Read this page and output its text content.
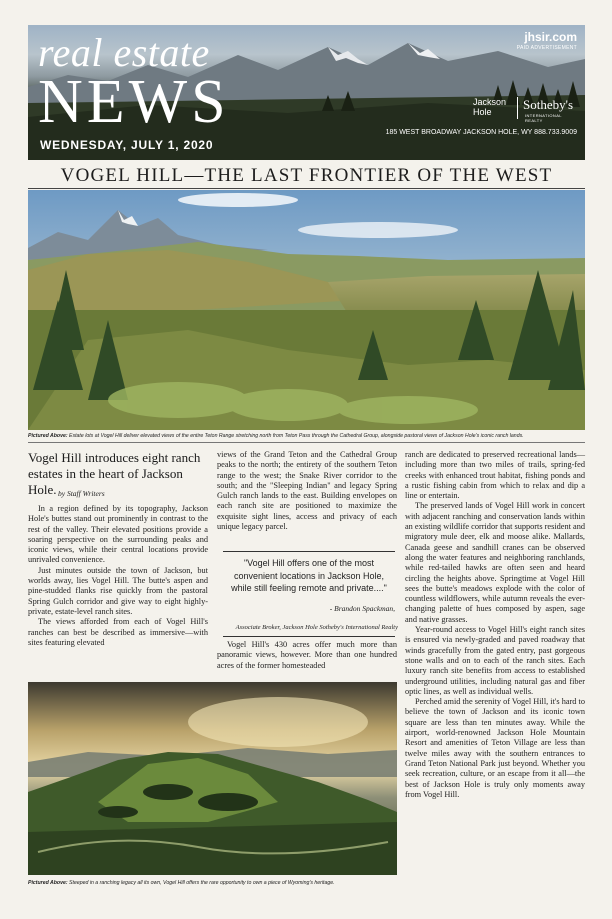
real estate
NEWS
WEDNESDAY, JULY 1, 2020
jhsir.com
PAID ADVERTISEMENT
Jackson Hole	Sotheby's
INTERNATIONAL REALTY
185 WEST BROADWAY JACKSON HOLE, WY 888.733.9009
VOGEL HILL—THE LAST FRONTIER OF THE WEST
Pictured Above: Estate lots at Vogel Hill deliver elevated views of the entire Teton Range stretching north from Teton Pass through the Cathedral Group, alongside pastoral views of Jackson Hole's iconic ranch lands.
Vogel Hill introduces eight ranch estates in the heart of Jackson Hole. by Staff Writers

In a region defined by its topography, Jackson Hole's buttes stand out prominently in contrast to the rest of the valley. Their elevated positions provide a soaring perspective on the surrounding peaks and iconic views, while their central locations provide unrivaled convenience.

Just minutes outside the town of Jackson, but worlds away, lies Vogel Hill. The butte's aspen and pine-studded flanks rise quickly from the pastoral Spring Gulch corridor and give way to eight highly-private, estate-level ranch sites.

The views afforded from each of Vogel Hill's ranches can best be described as immersive—with sites featuring elevated

views of the Grand Teton and the Cathedral Group peaks to the north; the entirety of the southern Teton range to the west; the Snake River corridor to the south; and the "Sleeping Indian" and legacy Spring Gulch ranch lands to the east. Building envelopes on each ranch site are positioned to maximize the exquisite sight lines, access and privacy of each unique legacy parcel.

"Vogel Hill offers one of the most convenient locations in Jackson Hole, while still feeling remote and private...."
- Brandon Spackman,
Associate Broker, Jackson Hole Sotheby's International Realty

Vogel Hill's 430 acres offer much more than panoramic views, however. More than one hundred acres of the former homesteaded

ranch are dedicated to preserved recreational lands—including more than two miles of trails, spring-fed creeks with enhanced trout habitat, fishing ponds and a rustic fishing cabin from which to relax and dip a line or entertain.

The preserved lands of Vogel Hill work in concert with adjacent ranching and conservation lands within an existing wildlife corridor that supports resident and migratory mule deer, elk and moose alike. Mallards, Canada geese and sandhill cranes can be observed along the water features and neighboring ranchlands, while red-tailed hawks are often seen and heard circling the heights above. Springtime at Vogel Hill sees the butte's meadows explode with the color of countless wildflowers, while autumn reveals the ever-changing palette of hues composed by aspen, sage and native grasses.

Year-round access to Vogel Hill's eight ranch sites is ensured via newly-graded and paved roadway that winds gracefully from the gated entry, past gorgeous stone walls and on to each of the ranch sites. Each luxury ranch site benefits from access to established underground utilities, including natural gas and fiber optic lines, as well as individual wells.

Perched amid the serenity of Vogel Hill, it's hard to believe the town of Jackson and its iconic town square are less than ten minutes away. While the airport, world-renowned Jackson Hole Mountain Resort and amenities of Teton Village are less than twelve miles away with the southern entrances to Grand Teton National Park just beyond. Whether you seek recreation, culture, or an escape from it all—the best of Jackson Hole is truly only moments away from Vogel Hill.

Pictured Above: Steeped in a ranching legacy all its own, Vogel Hill offers the rare opportunity to own a piece of Wyoming's heritage.
